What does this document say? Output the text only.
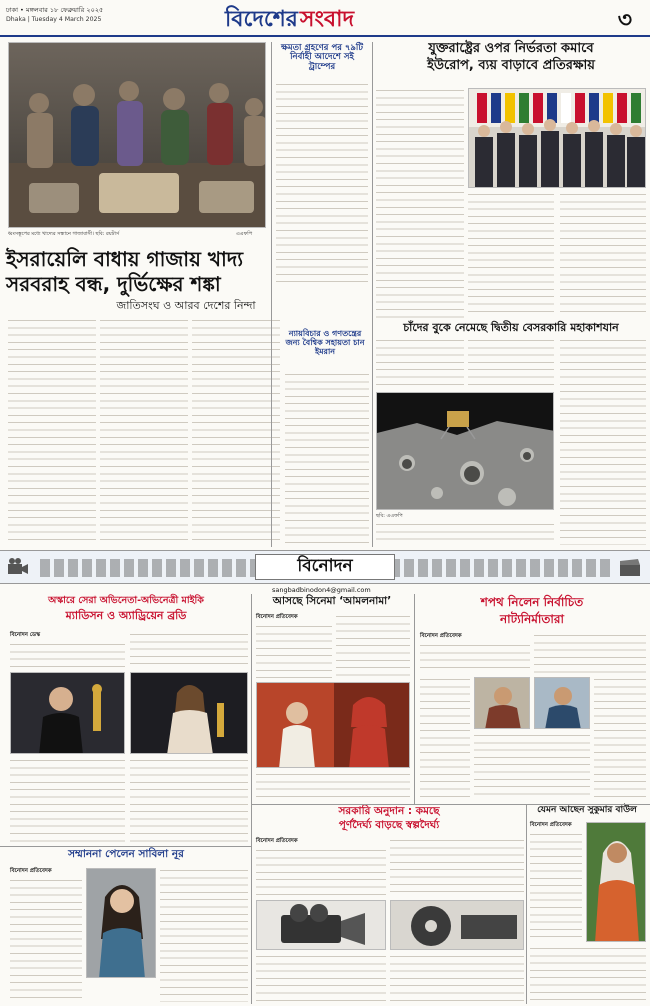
ঢাকা • মঙ্গলবার ১৮ ফেব্রুয়ারি ২০২৫
Dhaka | Tuesday 4 March 2025	বিদেশের সংবাদ	৩
ধ্বংসস্তূপের মধ্যে খাদ্যের সন্ধানে গাজাবাসী। ছবি: রয়টার্স	এএফপি
ইসরায়েলি বাধায় গাজায় খাদ্য
সরবরাহ বন্ধ, দুর্ভিক্ষের শঙ্কা
জাতিসংঘ ও আরব দেশের নিন্দা
ক্ষমতা গ্রহণের পর ৭৯টি নির্বাহী আদেশে সই ট্রাম্পের
ন্যায়বিচার ও গণতন্ত্রের জন্য বৈশ্বিক সহায়তা চান ইমরান
যুক্তরাষ্ট্রের ওপর নির্ভরতা কমাবে
ইউরোপ, ব্যয় বাড়াবে প্রতিরক্ষায়
চাঁদের বুকে নেমেছে দ্বিতীয় বেসরকারি মহাকাশযান
ছবি: এএফপি
বিনোদন
sangbadbinodon4@gmail.com
অস্কারে সেরা অভিনেতা-অভিনেত্রী মাইকি
ম্যাডিসন ও অ্যাড্রিয়েন ব্রডি
বিনোদন ডেস্ক
সম্মাননা পেলেন সাবিলা নূর
বিনোদন প্রতিবেদক
আসছে সিনেমা ‘আমলনামা’
বিনোদন প্রতিবেদক
সরকারি অনুদান : কমছে
পূর্ণদৈর্ঘ্য বাড়ছে স্বল্পদৈর্ঘ্য
বিনোদন প্রতিবেদক
শপথ নিলেন নির্বাচিত
নাট্যনির্মাতারা
বিনোদন প্রতিবেদক
যেমন আছেন সুকুমার বাউল
বিনোদন প্রতিবেদক
